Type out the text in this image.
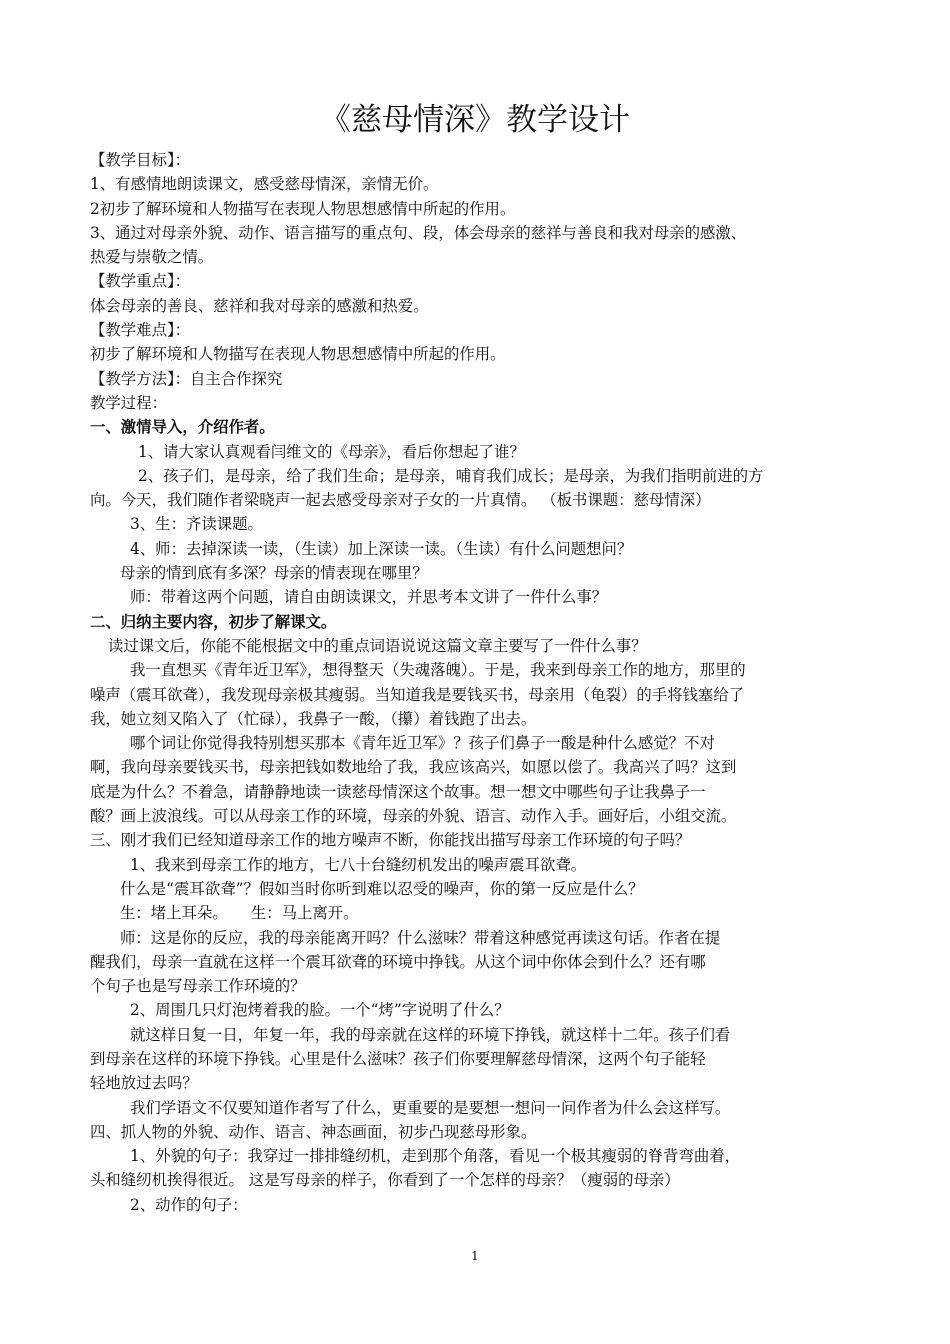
《慈母情深》教学设计
【教学目标】：
1、有感情地朗读课文，感受慈母情深，亲情无价。
2初步了解环境和人物描写在表现人物思想感情中所起的作用。
3、通过对母亲外貌、动作、语言描写的重点句、段，体会母亲的慈祥与善良和我对母亲的感激、
热爱与崇敬之情。
【教学重点】：
体会母亲的善良、慈祥和我对母亲的感激和热爱。
【教学难点】：
初步了解环境和人物描写在表现人物思想感情中所起的作用。
【教学方法】：自主合作探究
教学过程：
一、激情导入，介绍作者。
1、请大家认真观看闫维文的《母亲》，看后你想起了谁？
2、孩子们，是母亲，给了我们生命；是母亲，哺育我们成长；是母亲，为我们指明前进的方
向。今天，我们随作者梁晓声一起去感受母亲对子女的一片真情。 （板书课题：慈母情深）
3、生：齐读课题。
4、师：去掉深读一读，（生读）加上深读一读。（生读）有什么问题想问？
母亲的情到底有多深？母亲的情表现在哪里？
师：带着这两个问题，请自由朗读课文，并思考本文讲了一件什么事？
二、归纳主要内容，初步了解课文。
读过课文后，你能不能根据文中的重点词语说说这篇文章主要写了一件什么事？
我一直想买《青年近卫军》，想得整天（失魂落魄）。于是，我来到母亲工作的地方，那里的
噪声（震耳欲聋），我发现母亲极其瘦弱。当知道我是要钱买书，母亲用（龟裂）的手将钱塞给了
我，她立刻又陷入了（忙碌），我鼻子一酸，（攥）着钱跑了出去。
哪个词让你觉得我特别想买那本《青年近卫军》？孩子们鼻子一酸是种什么感觉？不对
啊，我向母亲要钱买书，母亲把钱如数地给了我，我应该高兴，如愿以偿了。我高兴了吗？这到
底是为什么？不着急，请静静地读一读慈母情深这个故事。想一想文中哪些句子让我鼻子一
酸？画上波浪线。可以从母亲工作的环境，母亲的外貌、语言、动作入手。画好后，小组交流。
三、刚才我们已经知道母亲工作的地方噪声不断，你能找出描写母亲工作环境的句子吗？
1、我来到母亲工作的地方，七八十台缝纫机发出的噪声震耳欲聋。
什么是“震耳欲聋”？假如当时你听到难以忍受的噪声，你的第一反应是什么？
生：堵上耳朵。　　生：马上离开。
师：这是你的反应，我的母亲能离开吗？什么滋味？带着这种感觉再读这句话。作者在提
醒我们，母亲一直就在这样一个震耳欲聋的环境中挣钱。从这个词中你体会到什么？还有哪
个句子也是写母亲工作环境的？
2、周围几只灯泡烤着我的脸。一个“烤”字说明了什么？
就这样日复一日，年复一年，我的母亲就在这样的环境下挣钱，就这样十二年。孩子们看
到母亲在这样的环境下挣钱。心里是什么滋味？孩子们你要理解慈母情深，这两个句子能轻
轻地放过去吗？
我们学语文不仅要知道作者写了什么，更重要的是要想一想问一问作者为什么会这样写。
四、抓人物的外貌、动作、语言、神态画面，初步凸现慈母形象。
1、外貌的句子：我穿过一排排缝纫机，走到那个角落，看见一个极其瘦弱的脊背弯曲着，
头和缝纫机挨得很近。 这是写母亲的样子，你看到了一个怎样的母亲？（瘦弱的母亲）
2、动作的句子：
1
